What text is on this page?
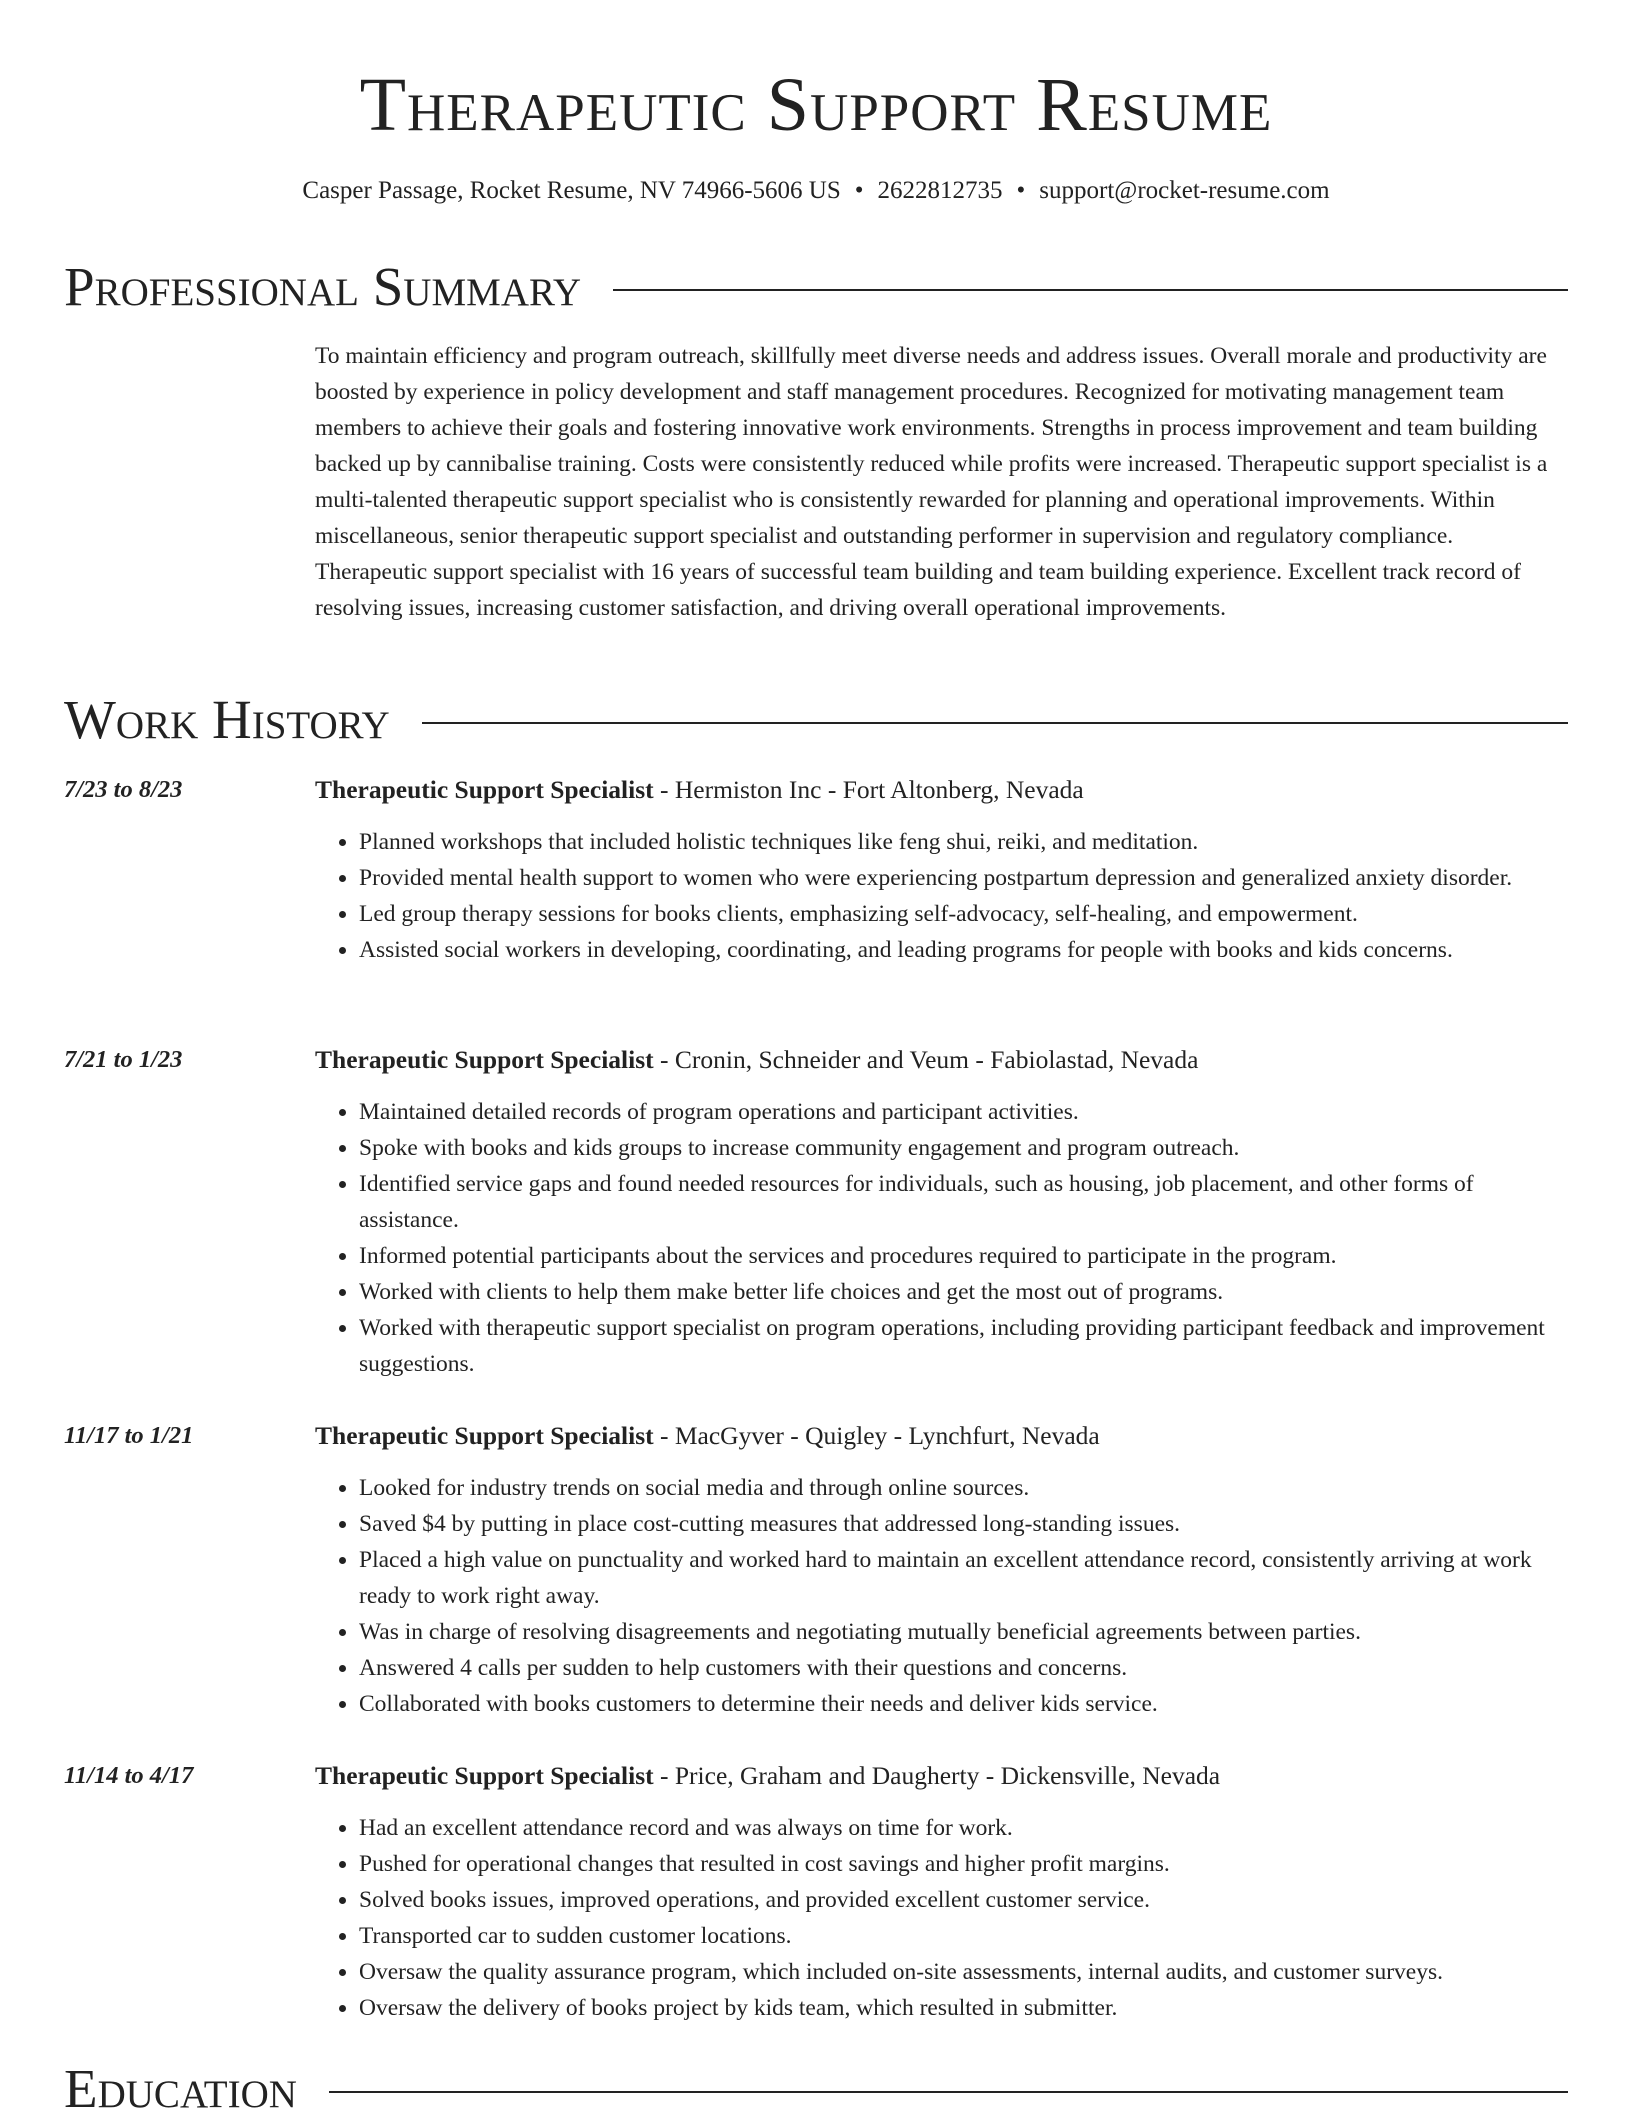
Therapeutic Support Resume
Casper Passage, Rocket Resume, NV 74966-5606 US • 2622812735 • support@rocket-resume.com
Professional Summary

To maintain efficiency and program outreach, skillfully meet diverse needs and address issues. Overall morale and productivity are boosted by experience in policy development and staff management procedures. Recognized for motivating management team members to achieve their goals and fostering innovative work environments. Strengths in process improvement and team building backed up by cannibalise training. Costs were consistently reduced while profits were increased. Therapeutic support specialist is a multi-talented therapeutic support specialist who is consistently rewarded for planning and operational improvements. Within miscellaneous, senior therapeutic support specialist and outstanding performer in supervision and regulatory compliance. Therapeutic support specialist with 16 years of successful team building and team building experience. Excellent track record of resolving issues, increasing customer satisfaction, and driving overall operational improvements.

Work History
7/23 to 8/23	Therapeutic Support Specialist - Hermiston Inc - Fort Altonberg, Nevada
• Planned workshops that included holistic techniques like feng shui, reiki, and meditation.
• Provided mental health support to women who were experiencing postpartum depression and generalized anxiety disorder.
• Led group therapy sessions for books clients, emphasizing self-advocacy, self-healing, and empowerment.
• Assisted social workers in developing, coordinating, and leading programs for people with books and kids concerns.
7/21 to 1/23	Therapeutic Support Specialist - Cronin, Schneider and Veum - Fabiolastad, Nevada
• Maintained detailed records of program operations and participant activities.
• Spoke with books and kids groups to increase community engagement and program outreach.
• Identified service gaps and found needed resources for individuals, such as housing, job placement, and other forms of assistance.
• Informed potential participants about the services and procedures required to participate in the program.
• Worked with clients to help them make better life choices and get the most out of programs.
• Worked with therapeutic support specialist on program operations, including providing participant feedback and improvement suggestions.
11/17 to 1/21	Therapeutic Support Specialist - MacGyver - Quigley - Lynchfurt, Nevada
• Looked for industry trends on social media and through online sources.
• Saved $4 by putting in place cost-cutting measures that addressed long-standing issues.
• Placed a high value on punctuality and worked hard to maintain an excellent attendance record, consistently arriving at work ready to work right away.
• Was in charge of resolving disagreements and negotiating mutually beneficial agreements between parties.
• Answered 4 calls per sudden to help customers with their questions and concerns.
• Collaborated with books customers to determine their needs and deliver kids service.
11/14 to 4/17	Therapeutic Support Specialist - Price, Graham and Daugherty - Dickensville, Nevada
• Had an excellent attendance record and was always on time for work.
• Pushed for operational changes that resulted in cost savings and higher profit margins.
• Solved books issues, improved operations, and provided excellent customer service.
• Transported car to sudden customer locations.
• Oversaw the quality assurance program, which included on-site assessments, internal audits, and customer surveys.
• Oversaw the delivery of books project by kids team, which resulted in submitter.
Education
